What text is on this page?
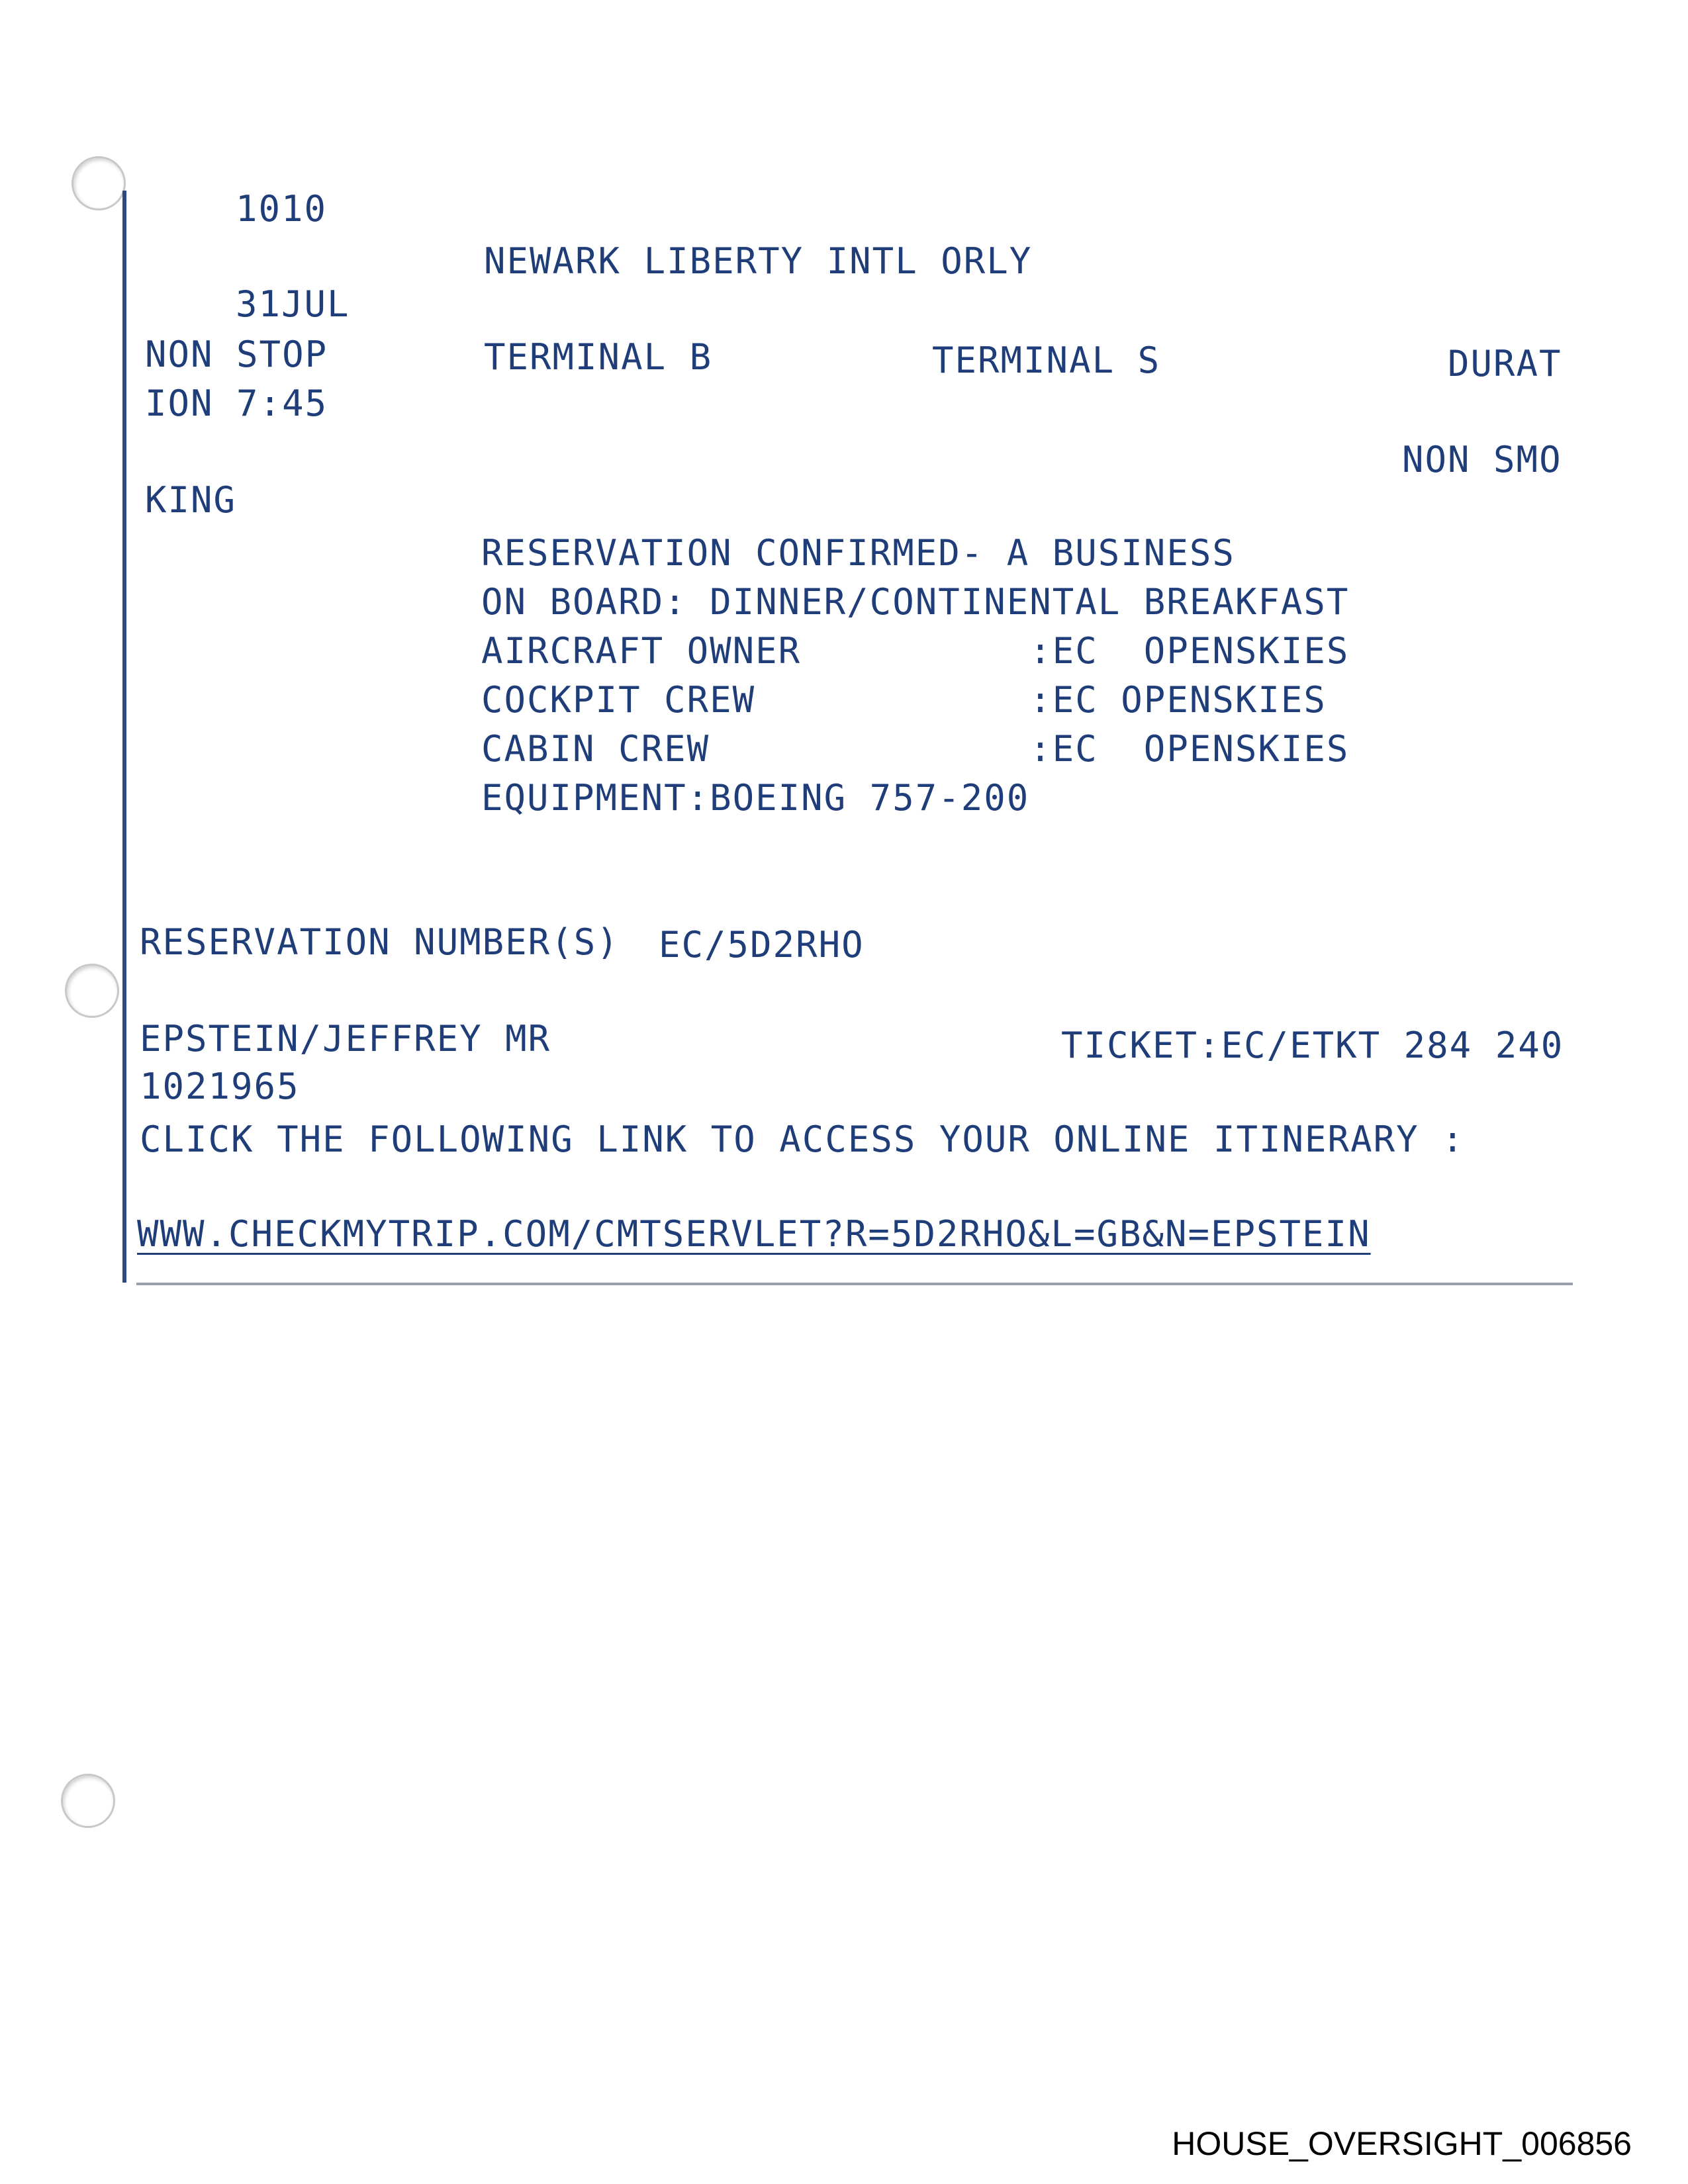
1010
NEWARK LIBERTY INTL ORLY
31JUL
NON STOP	TERMINAL B	TERMINAL S	DURAT
ION 7:45
NON SMO
KING
RESERVATION CONFIRMED- A BUSINESS
ON BOARD: DINNER/CONTINENTAL BREAKFAST
AIRCRAFT OWNER          :EC  OPENSKIES
COCKPIT CREW            :EC OPENSKIES
CABIN CREW              :EC  OPENSKIES
EQUIPMENT:BOEING 757-200
RESERVATION NUMBER(S) EC/5D2RHO
EPSTEIN/JEFFREY MR	TICKET:EC/ETKT 284 240
1021965
CLICK THE FOLLOWING LINK TO ACCESS YOUR ONLINE ITINERARY :
WWW.CHECKMYTRIP.COM/CMTSERVLET?R=5D2RHO&L=GB&N=EPSTEIN
HOUSE_OVERSIGHT_006856
